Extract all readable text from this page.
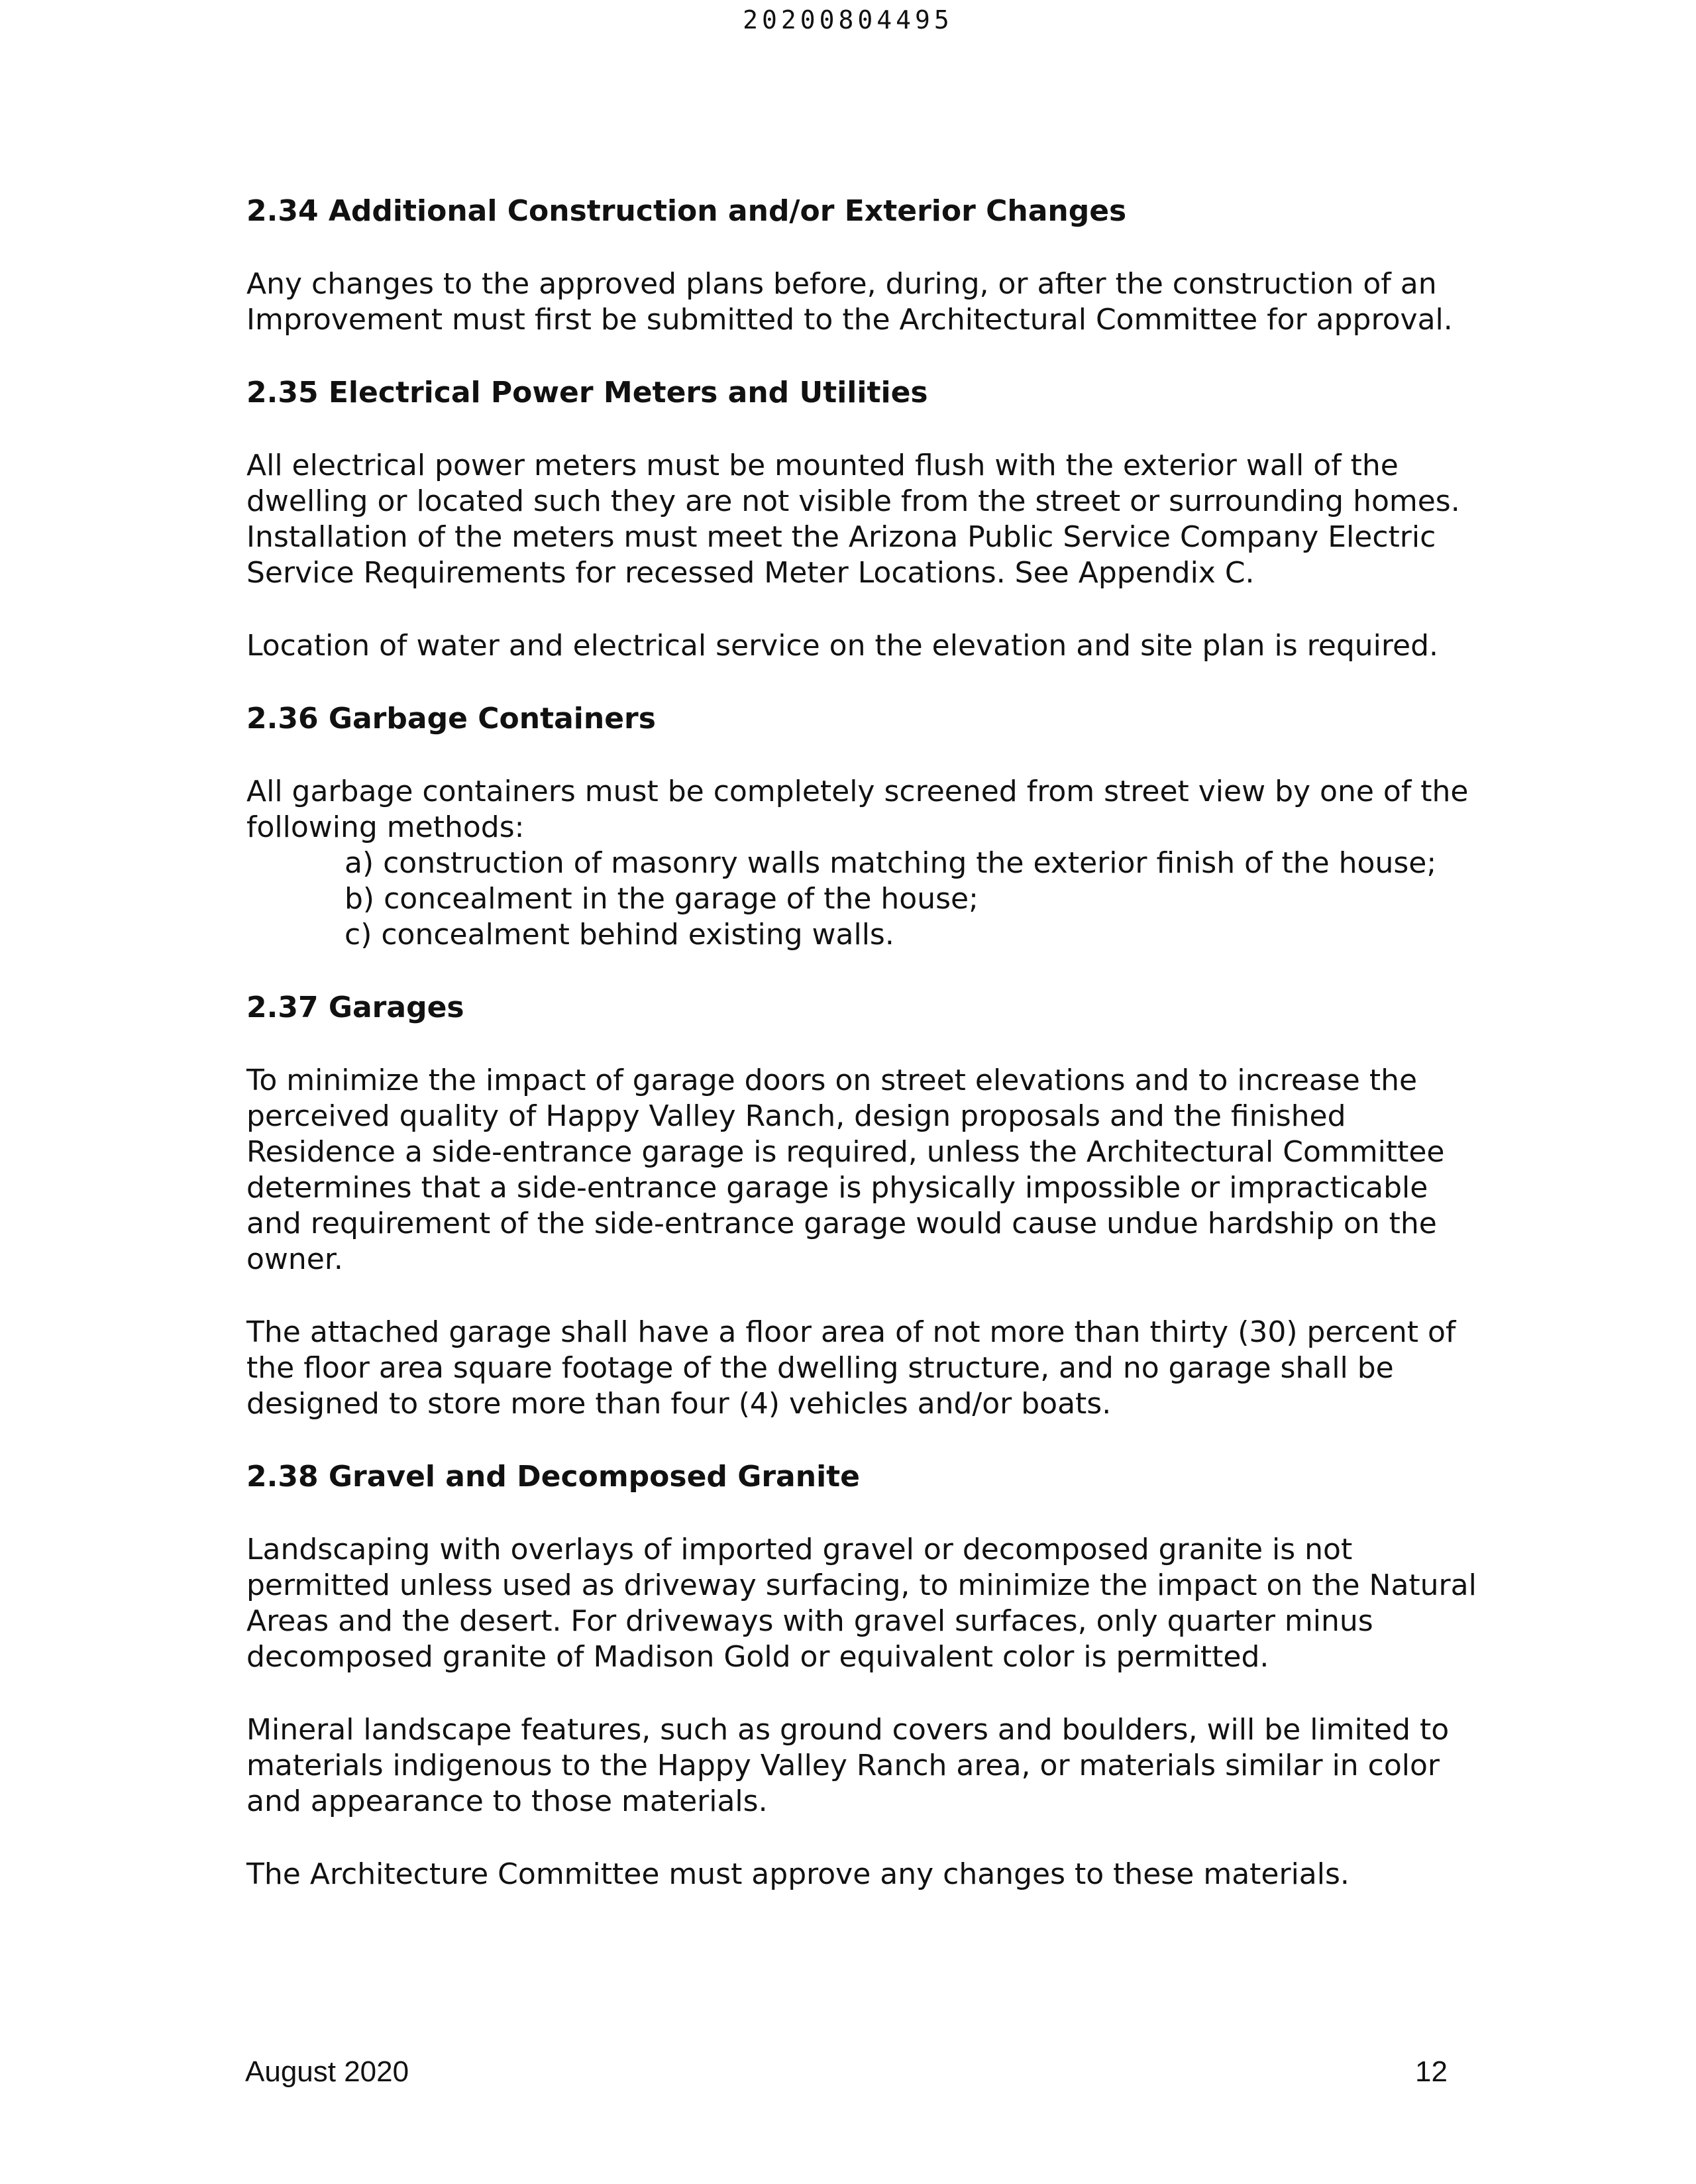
20200804495
2.34 Additional Construction and/or Exterior Changes

Any changes to the approved plans before, during, or after the construction of an Improvement must first be submitted to the Architectural Committee for approval.

2.35 Electrical Power Meters and Utilities

All electrical power meters must be mounted flush with the exterior wall of the dwelling or located such they are not visible from the street or surrounding homes. Installation of the meters must meet the Arizona Public Service Company Electric Service Requirements for recessed Meter Locations. See Appendix C.

Location of water and electrical service on the elevation and site plan is required.

2.36 Garbage Containers

All garbage containers must be completely screened from street view by one of the following methods:

a) construction of masonry walls matching the exterior finish of the house;
b) concealment in the garage of the house;
c) concealment behind existing walls.
2.37 Garages

To minimize the impact of garage doors on street elevations and to increase the perceived quality of Happy Valley Ranch, design proposals and the finished Residence a side-entrance garage is required, unless the Architectural Committee determines that a side-entrance garage is physically impossible or impracticable and requirement of the side-entrance garage would cause undue hardship on the owner.

The attached garage shall have a floor area of not more than thirty (30) percent of the floor area square footage of the dwelling structure, and no garage shall be designed to store more than four (4) vehicles and/or boats.

2.38 Gravel and Decomposed Granite

Landscaping with overlays of imported gravel or decomposed granite is not permitted unless used as driveway surfacing, to minimize the impact on the Natural Areas and the desert. For driveways with gravel surfaces, only quarter minus decomposed granite of Madison Gold or equivalent color is permitted.

Mineral landscape features, such as ground covers and boulders, will be limited to materials indigenous to the Happy Valley Ranch area, or materials similar in color and appearance to those materials.

The Architecture Committee must approve any changes to these materials.

August 2020	12
